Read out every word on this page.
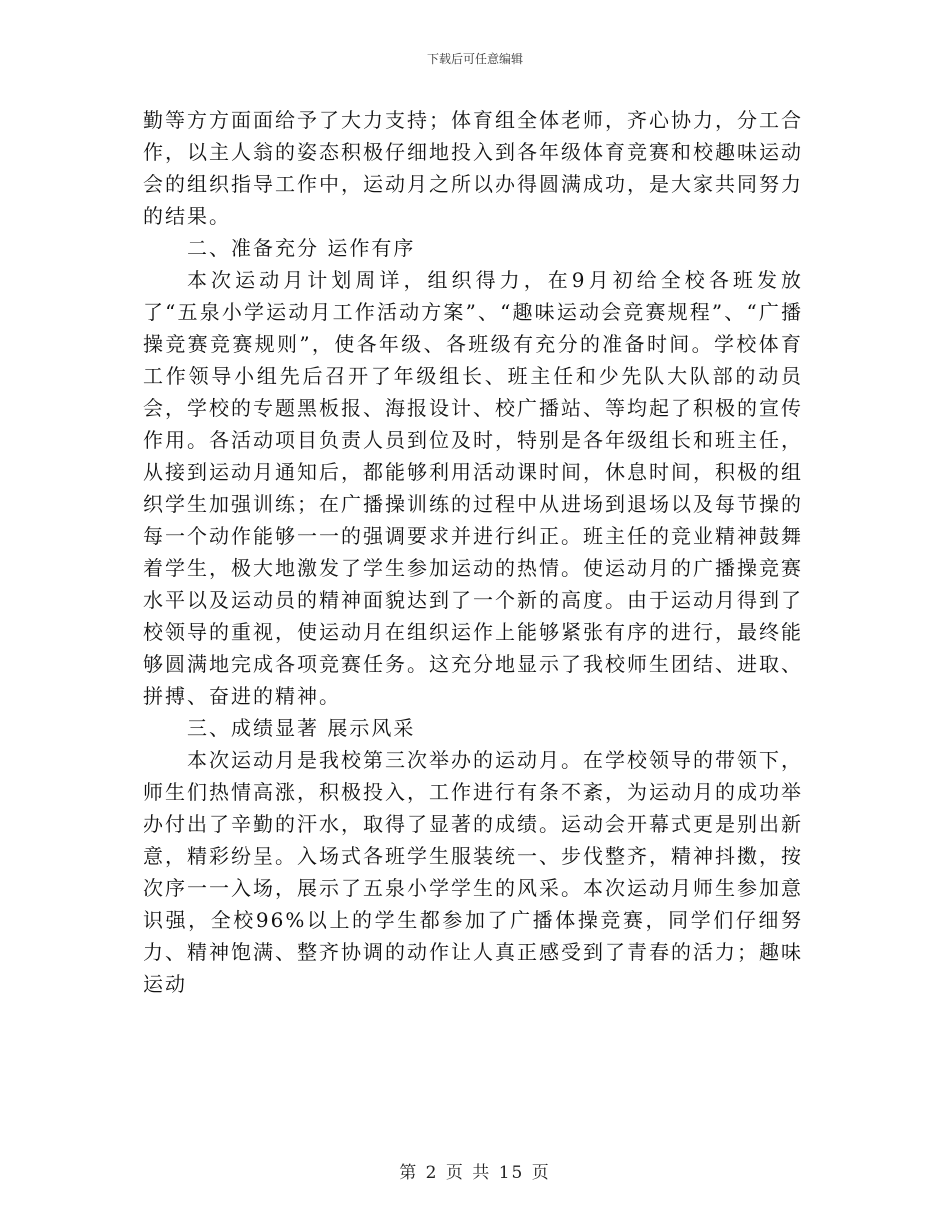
下载后可任意编辑

勤等方方面面给予了大力支持；体育组全体老师，齐心协力，分工合作，以主人翁的姿态积极仔细地投入到各年级体育竞赛和校趣味运动会的组织指导工作中，运动月之所以办得圆满成功，是大家共同努力的结果。

二、准备充分 运作有序

本次运动月计划周详，组织得力，在9月初给全校各班发放了“五泉小学运动月工作活动方案”、“趣味运动会竞赛规程”、“广播操竞赛竞赛规则”，使各年级、各班级有充分的准备时间。学校体育工作领导小组先后召开了年级组长、班主任和少先队大队部的动员会，学校的专题黑板报、海报设计、校广播站、等均起了积极的宣传作用。各活动项目负责人员到位及时，特别是各年级组长和班主任，从接到运动月通知后，都能够利用活动课时间，休息时间，积极的组织学生加强训练；在广播操训练的过程中从进场到退场以及每节操的每一个动作能够一一的强调要求并进行纠正。班主任的竞业精神鼓舞着学生，极大地激发了学生参加运动的热情。使运动月的广播操竞赛水平以及运动员的精神面貌达到了一个新的高度。由于运动月得到了校领导的重视，使运动月在组织运作上能够紧张有序的进行，最终能够圆满地完成各项竞赛任务。这充分地显示了我校师生团结、进取、拼搏、奋进的精神。

三、成绩显著 展示风采

本次运动月是我校第三次举办的运动月。在学校领导的带领下，师生们热情高涨，积极投入，工作进行有条不紊，为运动月的成功举办付出了辛勤的汗水，取得了显著的成绩。运动会开幕式更是别出新意，精彩纷呈。入场式各班学生服装统一、步伐整齐，精神抖擞，按次序一一入场，展示了五泉小学学生的风采。本次运动月师生参加意识强，全校96%以上的学生都参加了广播体操竞赛，同学们仔细努力、精神饱满、整齐协调的动作让人真正感受到了青春的活力；趣味运动

第 2 页 共 15 页
